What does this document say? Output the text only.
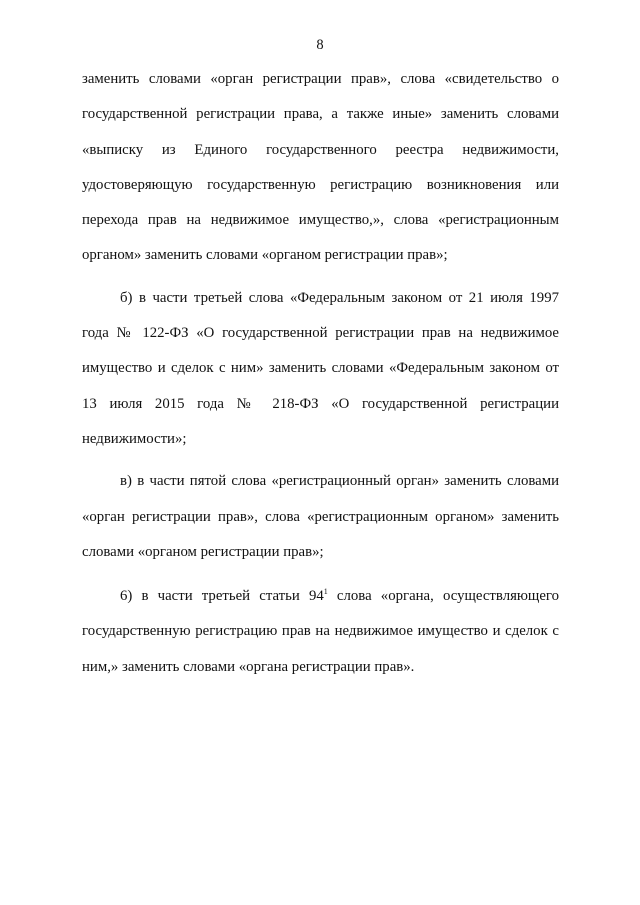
8

заменить словами «орган регистрации прав», слова «свидетельство о государственной регистрации права, а также иные» заменить словами «выписку из Единого государственного реестра недвижимости, удостоверяющую государственную регистрацию возникновения или перехода прав на недвижимое имущество,», слова «регистрационным органом» заменить словами «органом регистрации прав»;

б) в части третьей слова «Федеральным законом от 21 июля 1997 года № 122-ФЗ «О государственной регистрации прав на недвижимое имущество и сделок с ним» заменить словами «Федеральным законом от 13 июля 2015 года № 218-ФЗ «О государственной регистрации недвижимости»;

в) в части пятой слова «регистрационный орган» заменить словами «орган регистрации прав», слова «регистрационным органом» заменить словами «органом регистрации прав»;

6) в части третьей статьи $94^1$ слова «органа, осуществляющего государственную регистрацию прав на недвижимое имущество и сделок с ним,» заменить словами «органа регистрации прав».
